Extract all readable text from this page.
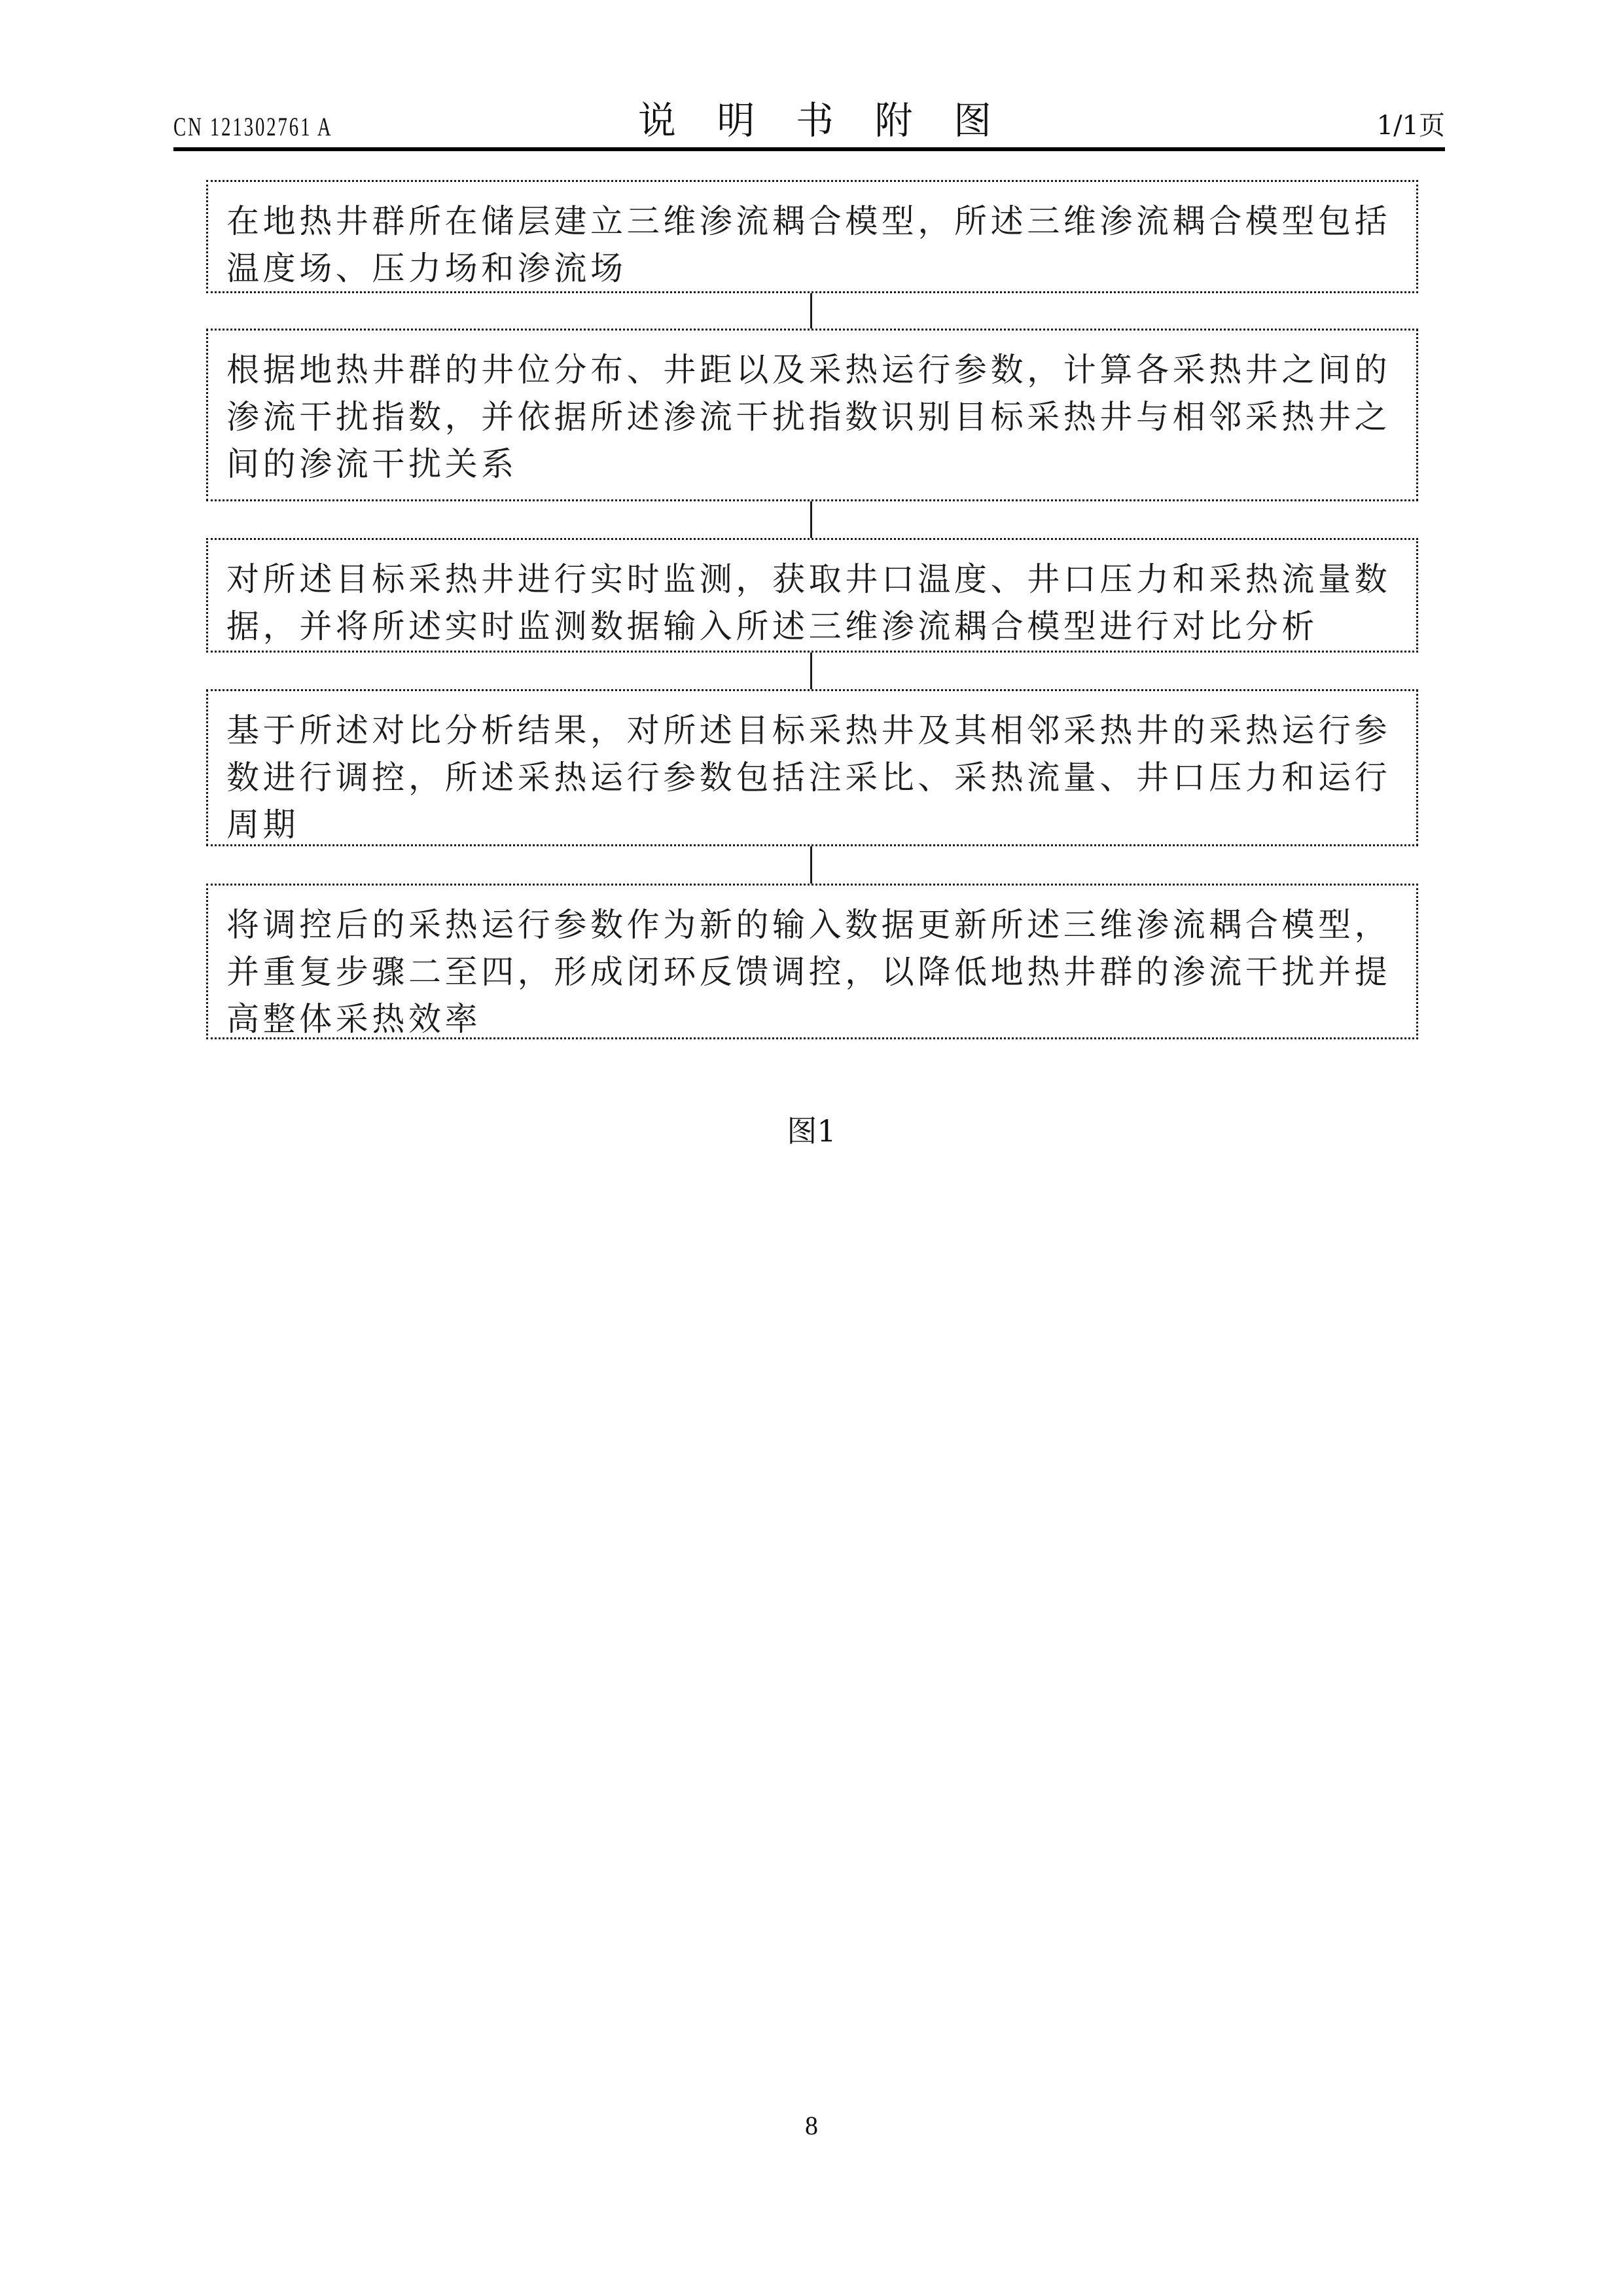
CN 121302761 A	说 明 书 附 图	1/1页
在地热井群所在储层建立三维渗流耦合模型，所述三维渗流耦合模型包括温度场、压力场和渗流场
根据地热井群的井位分布、井距以及采热运行参数，计算各采热井之间的渗流干扰指数，并依据所述渗流干扰指数识别目标采热井与相邻采热井之间的渗流干扰关系
对所述目标采热井进行实时监测，获取井口温度、井口压力和采热流量数据，并将所述实时监测数据输入所述三维渗流耦合模型进行对比分析
基于所述对比分析结果，对所述目标采热井及其相邻采热井的采热运行参数进行调控，所述采热运行参数包括注采比、采热流量、井口压力和运行周期
将调控后的采热运行参数作为新的输入数据更新所述三维渗流耦合模型，并重复步骤二至四，形成闭环反馈调控，以降低地热井群的渗流干扰并提高整体采热效率
图1
8
